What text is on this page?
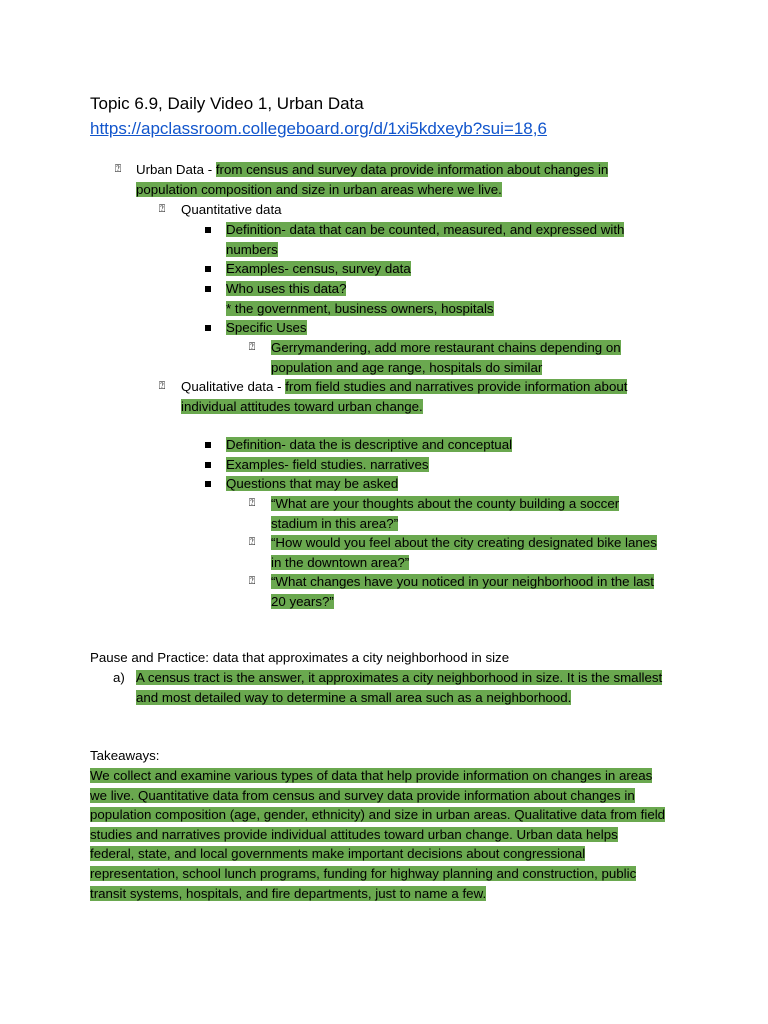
Topic 6.9, Daily Video 1, Urban Data
https://apclassroom.collegeboard.org/d/1xi5kdxeyb?sui=18,6
⍰ Urban Data - from census and survey data provide information about changes in
population composition and size in urban areas where we live.
⍰ Quantitative data
Definition- data that can be counted, measured, and expressed with
numbers
Examples- census, survey data
Who uses this data?
* the government, business owners, hospitals
Specific Uses
⍰ Gerrymandering, add more restaurant chains depending on
population and age range, hospitals do similar
⍰ Qualitative data - from field studies and narratives provide information about
individual attitudes toward urban change.
Definition- data the is descriptive and conceptual
Examples- field studies. narratives
Questions that may be asked
⍰ “What are your thoughts about the county building a soccer
stadium in this area?”
⍰ “How would you feel about the city creating designated bike lanes
in the downtown area?”
⍰ “What changes have you noticed in your neighborhood in the last
20 years?”
Pause and Practice: data that approximates a city neighborhood in size
a) A census tract is the answer, it approximates a city neighborhood in size. It is the smallest
and most detailed way to determine a small area such as a neighborhood.
Takeaways:
We collect and examine various types of data that help provide information on changes in areas
we live. Quantitative data from census and survey data provide information about changes in
population composition (age, gender, ethnicity) and size in urban areas. Qualitative data from field
studies and narratives provide individual attitudes toward urban change. Urban data helps
federal, state, and local governments make important decisions about congressional
representation, school lunch programs, funding for highway planning and construction, public
transit systems, hospitals, and fire departments, just to name a few.
